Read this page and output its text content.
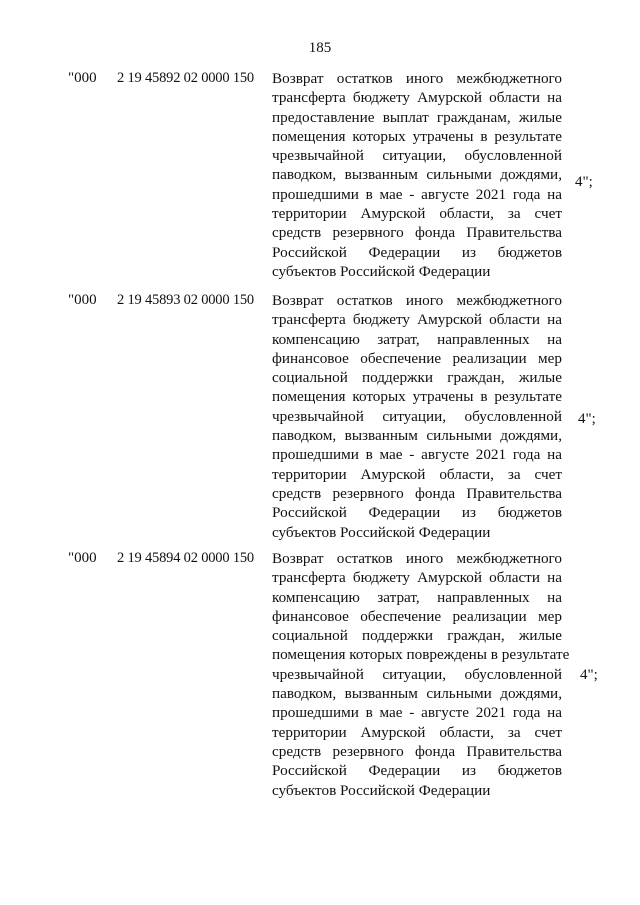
185
"000 2 19 45892 02 0000 150 Возврат остатков иного межбюджетного
трансферта бюджету Амурской области на
предоставление выплат гражданам, жилые
помещения которых утрачены в результате
чрезвычайной ситуации, обусловленной
паводком, вызванным сильными дождями,
прошедшими в мае - августе 2021 года на
территории Амурской области, за счет
средств резервного фонда Правительства
Российской Федерации из бюджетов
субъектов Российской Федерации
4";
"000 2 19 45893 02 0000 150 Возврат остатков иного межбюджетного
трансферта бюджету Амурской области на
компенсацию затрат, направленных на
финансовое обеспечение реализации мер
социальной поддержки граждан, жилые
помещения которых утрачены в результате
чрезвычайной ситуации, обусловленной
паводком, вызванным сильными дождями,
прошедшими в мае - августе 2021 года на
территории Амурской области, за счет
средств резервного фонда Правительства
Российской Федерации из бюджетов
субъектов Российской Федерации
4";
"000 2 19 45894 02 0000 150 Возврат остатков иного межбюджетного
трансферта бюджету Амурской области на
компенсацию затрат, направленных на
финансовое обеспечение реализации мер
социальной поддержки граждан, жилые
помещения которых повреждены в результате
чрезвычайной ситуации, обусловленной
паводком, вызванным сильными дождями,
прошедшими в мае - августе 2021 года на
территории Амурской области, за счет
средств резервного фонда Правительства
Российской Федерации из бюджетов
субъектов Российской Федерации
4";
